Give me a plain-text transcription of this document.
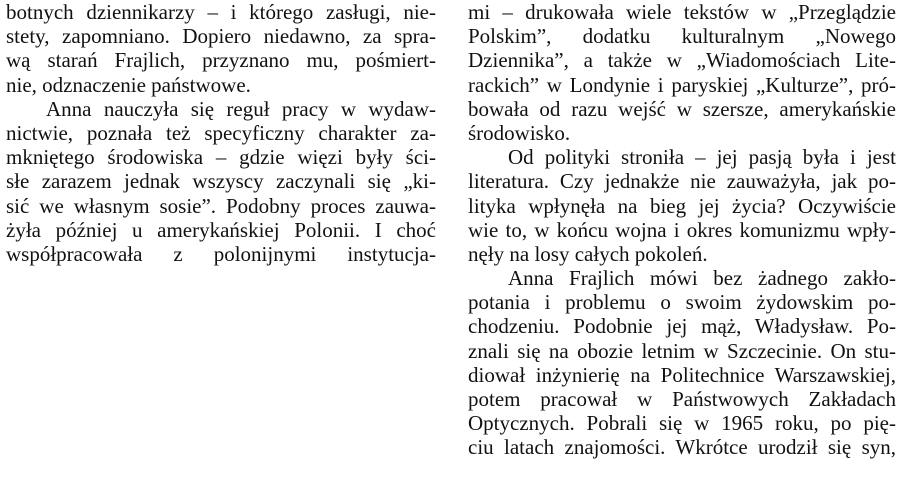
botnych dziennikarzy – i którego zasługi, nie-
stety, zapomniano. Dopiero niedawno, za spra-
wą starań Frajlich, przyznano mu, pośmiert-
nie, odznaczenie państwowe.
Anna nauczyła się reguł pracy w wydaw-
nictwie, poznała też specyficzny charakter za-
mkniętego środowiska – gdzie więzi były ści-
słe zarazem jednak wszyscy zaczynali się „ki-
sić we własnym sosie”. Podobny proces zauwa-
żyła później u amerykańskiej Polonii. I choć
współpracowała z polonijnymi instytucja-
mi – drukowała wiele tekstów w „Przeglądzie
Polskim”, dodatku kulturalnym „Nowego
Dziennika”, a także w „Wiadomościach Lite-
rackich” w Londynie i paryskiej „Kulturze”, pró-
bowała od razu wejść w szersze, amerykańskie
środowisko.
Od polityki stroniła – jej pasją była i jest
literatura. Czy jednakże nie zauważyła, jak po-
lityka wpłynęła na bieg jej życia? Oczywiście
wie to, w końcu wojna i okres komunizmu wpły-
nęły na losy całych pokoleń.
Anna Frajlich mówi bez żadnego zakło-
potania i problemu o swoim żydowskim po-
chodzeniu. Podobnie jej mąż, Władysław. Po-
znali się na obozie letnim w Szczecinie. On stu-
diował inżynierię na Politechnice Warszawskiej,
potem pracował w Państwowych Zakładach
Optycznych. Pobrali się w 1965 roku, po pię-
ciu latach znajomości. Wkrótce urodził się syn,
